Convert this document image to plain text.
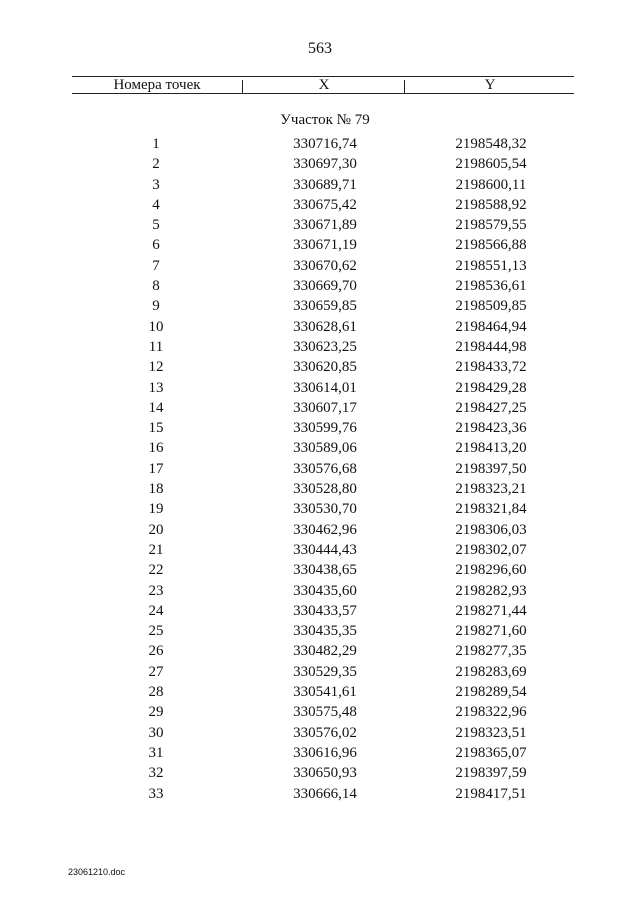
563
Номера точек	X	Y
Участок № 79
1	330716,74	2198548,32
2	330697,30	2198605,54
3	330689,71	2198600,11
4	330675,42	2198588,92
5	330671,89	2198579,55
6	330671,19	2198566,88
7	330670,62	2198551,13
8	330669,70	2198536,61
9	330659,85	2198509,85
10	330628,61	2198464,94
11	330623,25	2198444,98
12	330620,85	2198433,72
13	330614,01	2198429,28
14	330607,17	2198427,25
15	330599,76	2198423,36
16	330589,06	2198413,20
17	330576,68	2198397,50
18	330528,80	2198323,21
19	330530,70	2198321,84
20	330462,96	2198306,03
21	330444,43	2198302,07
22	330438,65	2198296,60
23	330435,60	2198282,93
24	330433,57	2198271,44
25	330435,35	2198271,60
26	330482,29	2198277,35
27	330529,35	2198283,69
28	330541,61	2198289,54
29	330575,48	2198322,96
30	330576,02	2198323,51
31	330616,96	2198365,07
32	330650,93	2198397,59
33	330666,14	2198417,51
23061210.doc
